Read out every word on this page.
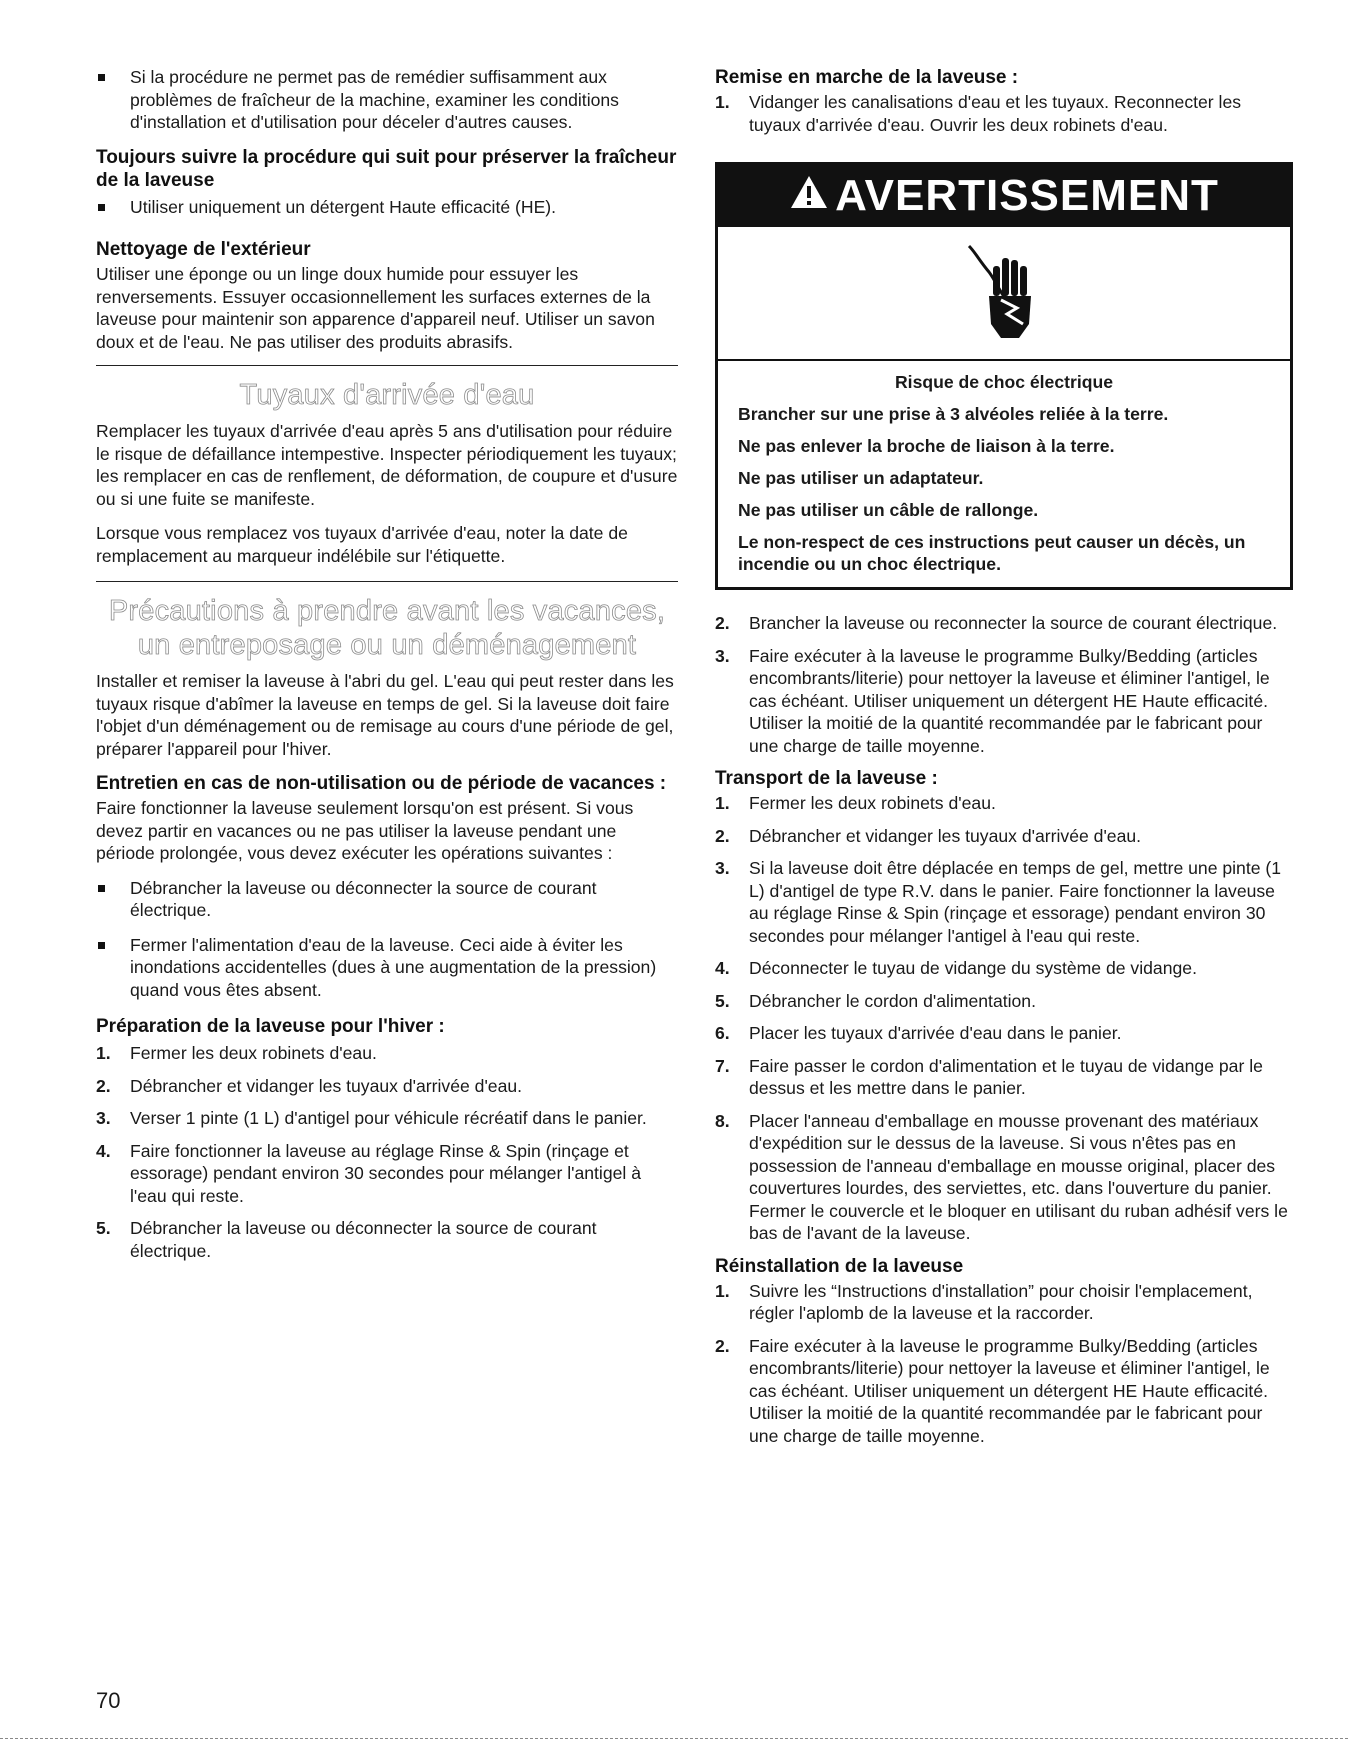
Si la procédure ne permet pas de remédier suffisamment aux problèmes de fraîcheur de la machine, examiner les conditions d'installation et d'utilisation pour déceler d'autres causes.
Toujours suivre la procédure qui suit pour préserver la fraîcheur de la laveuse
Utiliser uniquement un détergent Haute efficacité (HE).
Nettoyage de l'extérieur

Utiliser une éponge ou un linge doux humide pour essuyer les renversements. Essuyer occasionnellement les surfaces externes de la laveuse pour maintenir son apparence d'appareil neuf. Utiliser un savon doux et de l'eau. Ne pas utiliser des produits abrasifs.

Tuyaux d'arrivée d'eau

Remplacer les tuyaux d'arrivée d'eau après 5 ans d'utilisation pour réduire le risque de défaillance intempestive. Inspecter périodiquement les tuyaux; les remplacer en cas de renflement, de déformation, de coupure et d'usure ou si une fuite se manifeste.

Lorsque vous remplacez vos tuyaux d'arrivée d'eau, noter la date de remplacement au marqueur indélébile sur l'étiquette.

Précautions à prendre avant les vacances,
un entreposage ou un déménagement

Installer et remiser la laveuse à l'abri du gel. L'eau qui peut rester dans les tuyaux risque d'abîmer la laveuse en temps de gel. Si la laveuse doit faire l'objet d'un déménagement ou de remisage au cours d'une période de gel, préparer l'appareil pour l'hiver.

Entretien en cas de non-utilisation ou de période de vacances :

Faire fonctionner la laveuse seulement lorsqu'on est présent. Si vous devez partir en vacances ou ne pas utiliser la laveuse pendant une période prolongée, vous devez exécuter les opérations suivantes :

Débrancher la laveuse ou déconnecter la source de courant électrique.
Fermer l'alimentation d'eau de la laveuse. Ceci aide à éviter les inondations accidentelles (dues à une augmentation de la pression) quand vous êtes absent.
Préparation de la laveuse pour l'hiver :
1. Fermer les deux robinets d'eau.
2. Débrancher et vidanger les tuyaux d'arrivée d'eau.
3. Verser 1 pinte (1 L) d'antigel pour véhicule récréatif dans le panier.
4. Faire fonctionner la laveuse au réglage Rinse & Spin (rinçage et essorage) pendant environ 30 secondes pour mélanger l'antigel à l'eau qui reste.
5. Débrancher la laveuse ou déconnecter la source de courant électrique.
Remise en marche de la laveuse :
1. Vidanger les canalisations d'eau et les tuyaux. Reconnecter les tuyaux d'arrivée d'eau. Ouvrir les deux robinets d'eau.
AVERTISSEMENT
Risque de choc électrique
Brancher sur une prise à 3 alvéoles reliée à la terre.
Ne pas enlever la broche de liaison à la terre.
Ne pas utiliser un adaptateur.
Ne pas utiliser un câble de rallonge.
Le non-respect de ces instructions peut causer un décès, un incendie ou un choc électrique.
2. Brancher la laveuse ou reconnecter la source de courant électrique.
3. Faire exécuter à la laveuse le programme Bulky/Bedding (articles encombrants/literie) pour nettoyer la laveuse et éliminer l'antigel, le cas échéant. Utiliser uniquement un détergent HE Haute efficacité. Utiliser la moitié de la quantité recommandée par le fabricant pour une charge de taille moyenne.
Transport de la laveuse :
1. Fermer les deux robinets d'eau.
2. Débrancher et vidanger les tuyaux d'arrivée d'eau.
3. Si la laveuse doit être déplacée en temps de gel, mettre une pinte (1 L) d'antigel de type R.V. dans le panier. Faire fonctionner la laveuse au réglage Rinse & Spin (rinçage et essorage) pendant environ 30 secondes pour mélanger l'antigel à l'eau qui reste.
4. Déconnecter le tuyau de vidange du système de vidange.
5. Débrancher le cordon d'alimentation.
6. Placer les tuyaux d'arrivée d'eau dans le panier.
7. Faire passer le cordon d'alimentation et le tuyau de vidange par le dessus et les mettre dans le panier.
8. Placer l'anneau d'emballage en mousse provenant des matériaux d'expédition sur le dessus de la laveuse. Si vous n'êtes pas en possession de l'anneau d'emballage en mousse original, placer des couvertures lourdes, des serviettes, etc. dans l'ouverture du panier. Fermer le couvercle et le bloquer en utilisant du ruban adhésif vers le bas de l'avant de la laveuse.
Réinstallation de la laveuse
1. Suivre les “Instructions d'installation” pour choisir l'emplacement, régler l'aplomb de la laveuse et la raccorder.
2. Faire exécuter à la laveuse le programme Bulky/Bedding (articles encombrants/literie) pour nettoyer la laveuse et éliminer l'antigel, le cas échéant. Utiliser uniquement un détergent HE Haute efficacité. Utiliser la moitié de la quantité recommandée par le fabricant pour une charge de taille moyenne.
70
